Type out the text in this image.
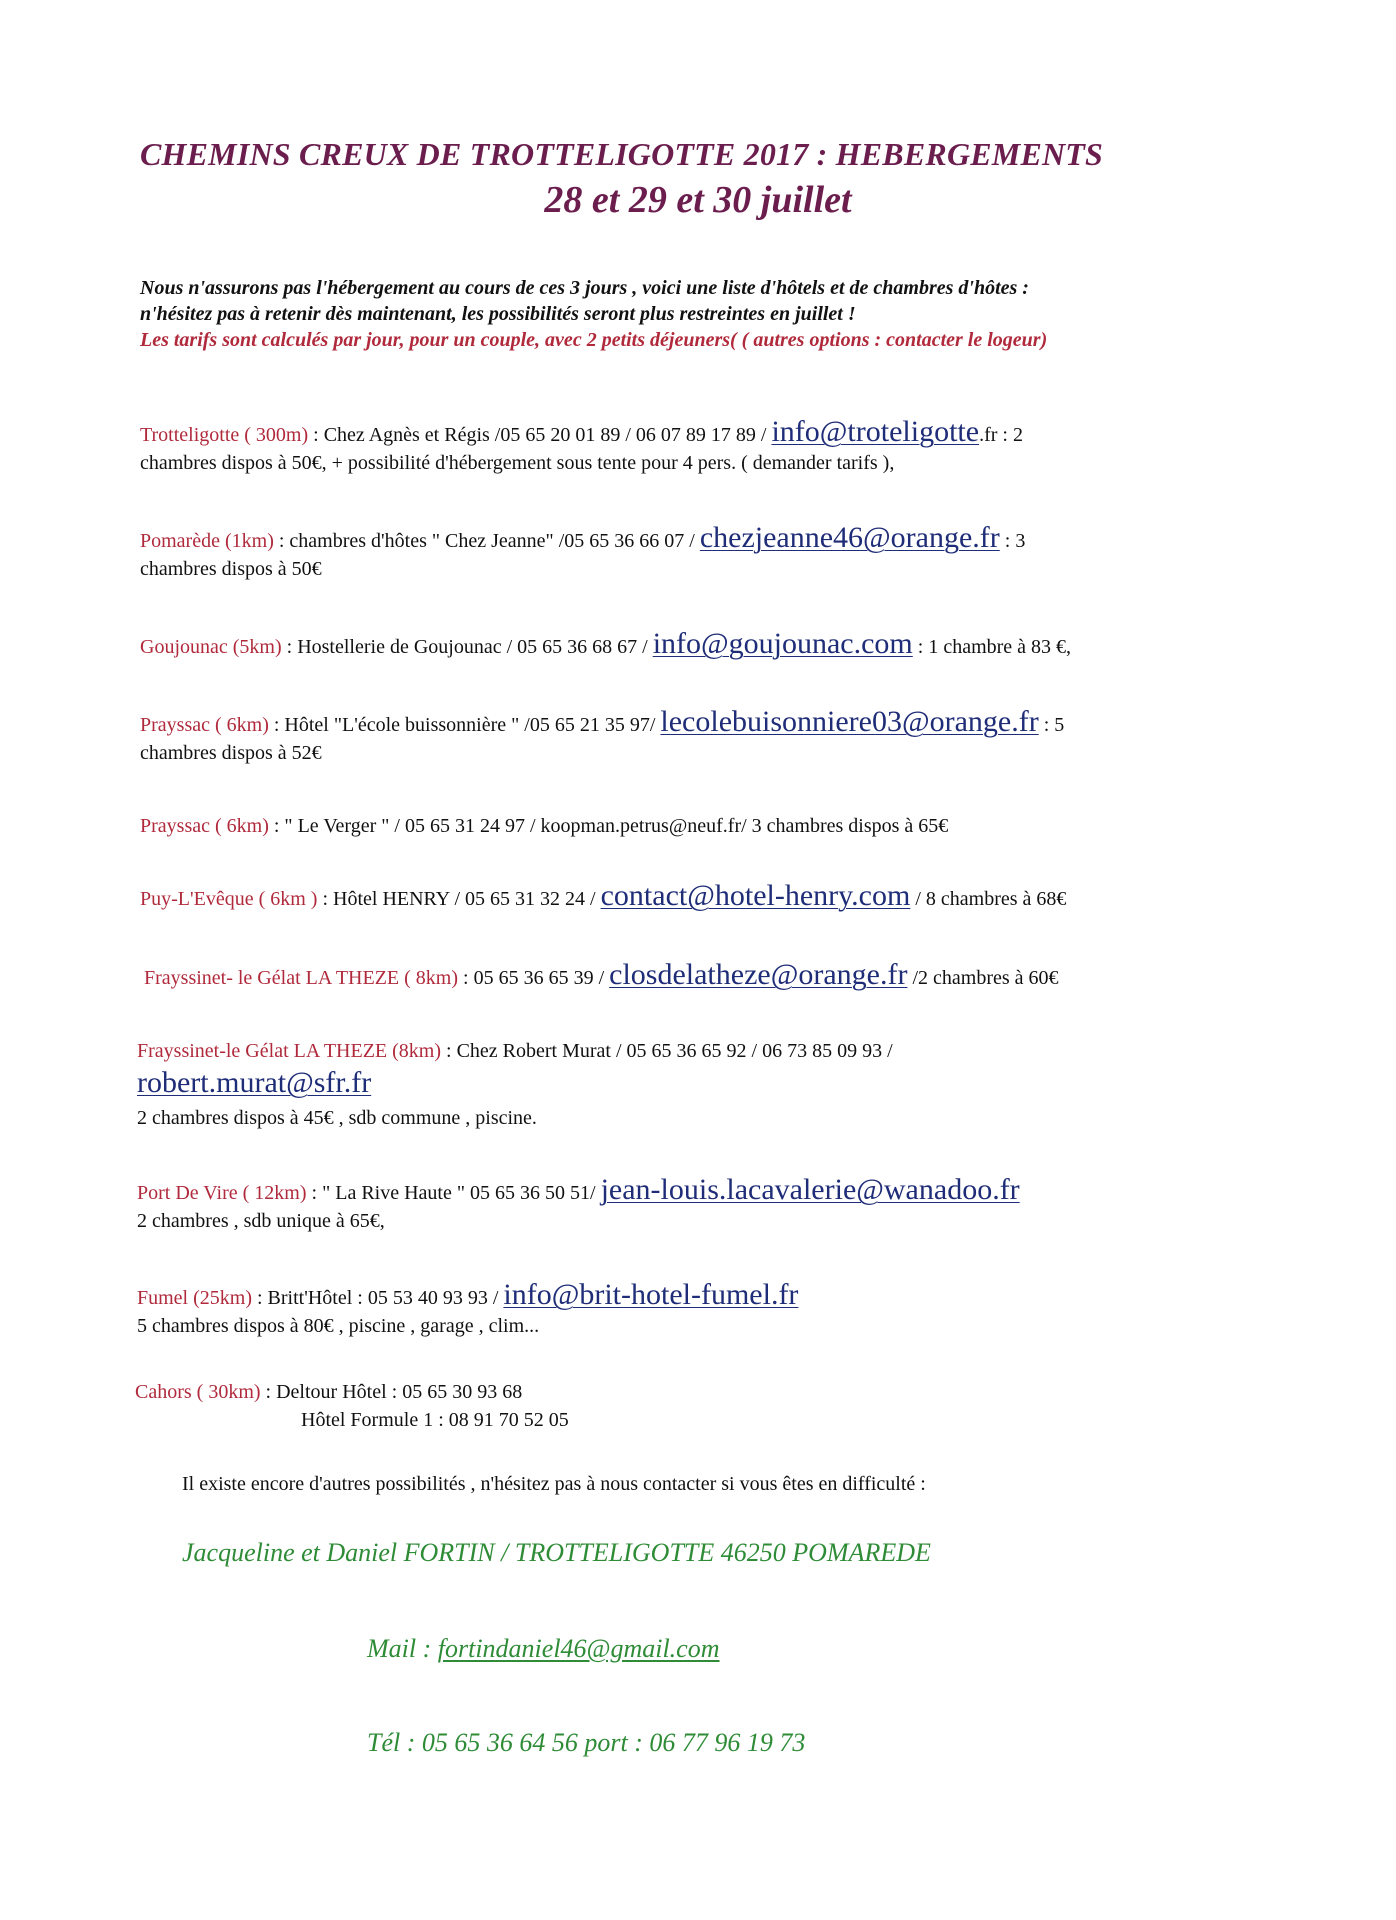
CHEMINS CREUX DE TROTTELIGOTTE 2017 : HEBERGEMENTS
28 et 29 et 30 juillet
Nous n'assurons pas l'hébergement au cours de ces 3 jours , voici une liste d'hôtels et de chambres d'hôtes :
n'hésitez pas à retenir dès maintenant, les possibilités seront plus restreintes en juillet !
Les tarifs sont calculés par jour, pour un couple, avec 2 petits déjeuners( ( autres options : contacter le logeur)
Trotteligotte ( 300m) : Chez Agnès et Régis /05 65 20 01 89 / 06 07 89 17 89 / info@troteligotte.fr : 2
chambres dispos à 50€, + possibilité d'hébergement sous tente pour 4 pers. ( demander tarifs ),
Pomarède (1km) : chambres d'hôtes " Chez Jeanne" /05 65 36 66 07 / chezjeanne46@orange.fr : 3
chambres dispos à 50€
Goujounac (5km) : Hostellerie de Goujounac / 05 65 36 68 67 / info@goujounac.com : 1 chambre à 83 €,
Prayssac ( 6km) : Hôtel "L'école buissonnière " /05 65 21 35 97/ lecolebuisonniere03@orange.fr : 5
chambres dispos à 52€
Prayssac ( 6km) : " Le Verger " / 05 65 31 24 97 / koopman.petrus@neuf.fr/ 3 chambres dispos à 65€
Puy-L'Evêque ( 6km ) : Hôtel HENRY / 05 65 31 32 24 / contact@hotel-henry.com / 8 chambres à 68€
Frayssinet- le Gélat LA THEZE ( 8km) : 05 65 36 65 39 / closdelatheze@orange.fr /2 chambres à 60€
Frayssinet-le Gélat LA THEZE (8km) : Chez Robert Murat / 05 65 36 65 92 / 06 73 85 09 93 /
robert.murat@sfr.fr
2 chambres dispos à 45€ , sdb commune , piscine.
Port De Vire ( 12km) : " La Rive Haute " 05 65 36 50 51/ jean-louis.lacavalerie@wanadoo.fr
2 chambres , sdb unique à 65€,
Fumel (25km) : Britt'Hôtel : 05 53 40 93 93 / info@brit-hotel-fumel.fr
5 chambres dispos à 80€ , piscine , garage , clim...
Cahors ( 30km) : Deltour Hôtel : 05 65 30 93 68
Hôtel Formule 1 : 08 91 70 52 05
Il existe encore d'autres possibilités , n'hésitez pas à nous contacter si vous êtes en difficulté :
Jacqueline et Daniel FORTIN / TROTTELIGOTTE 46250 POMAREDE
Mail : fortindaniel46@gmail.com
Tél : 05 65 36 64 56 port : 06 77 96 19 73
